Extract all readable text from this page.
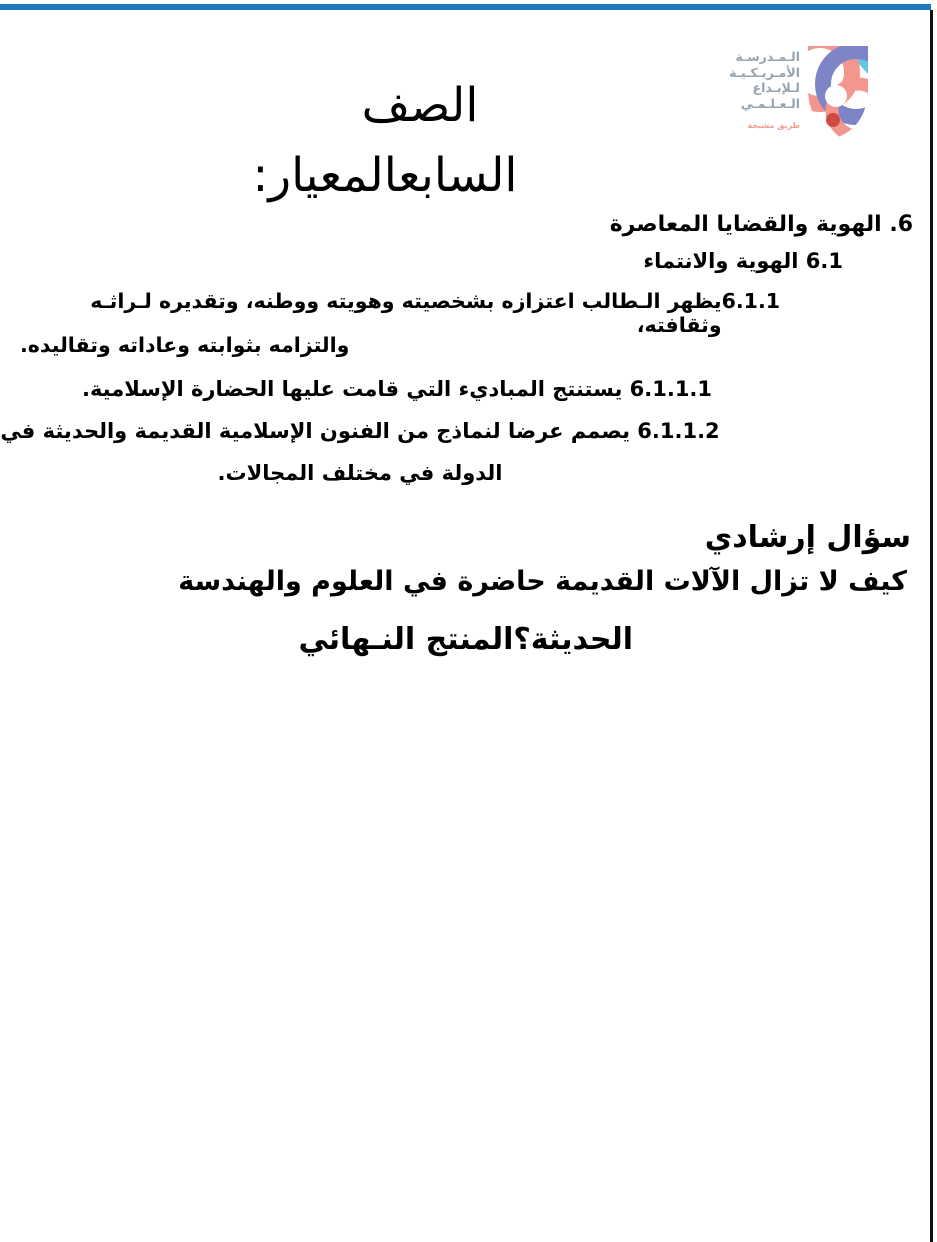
الـمـدرسـة
الأمـريـكـيـة
لـلإبـداع
الـعـلـمـي
طريق مشيحة
الصف
السابعالمعيار:
6. الهوية والقضايا المعاصرة
6.1 الهوية والانتماء
6.1.1
يظهر الـطالب اعتزازه بشخصيته وهويته ووطنه، وتقديره لـراثـه وثقافته،
والتزامه بثوابته وعاداته وتقاليده.
6.1.1.1 يستنتج المباديء التي قامت عليها الحضارة الإسلامية.
6.1.1.2 يصمم عرضا لنماذج من الفنون الإسلامية القديمة والحديثة في
الدولة في مختلف المجالات.
سؤال إرشادي
كيف لا تزال الآلات القديمة حاضرة في العلوم والهندسة
الحديثة؟المنتج النـهائي
